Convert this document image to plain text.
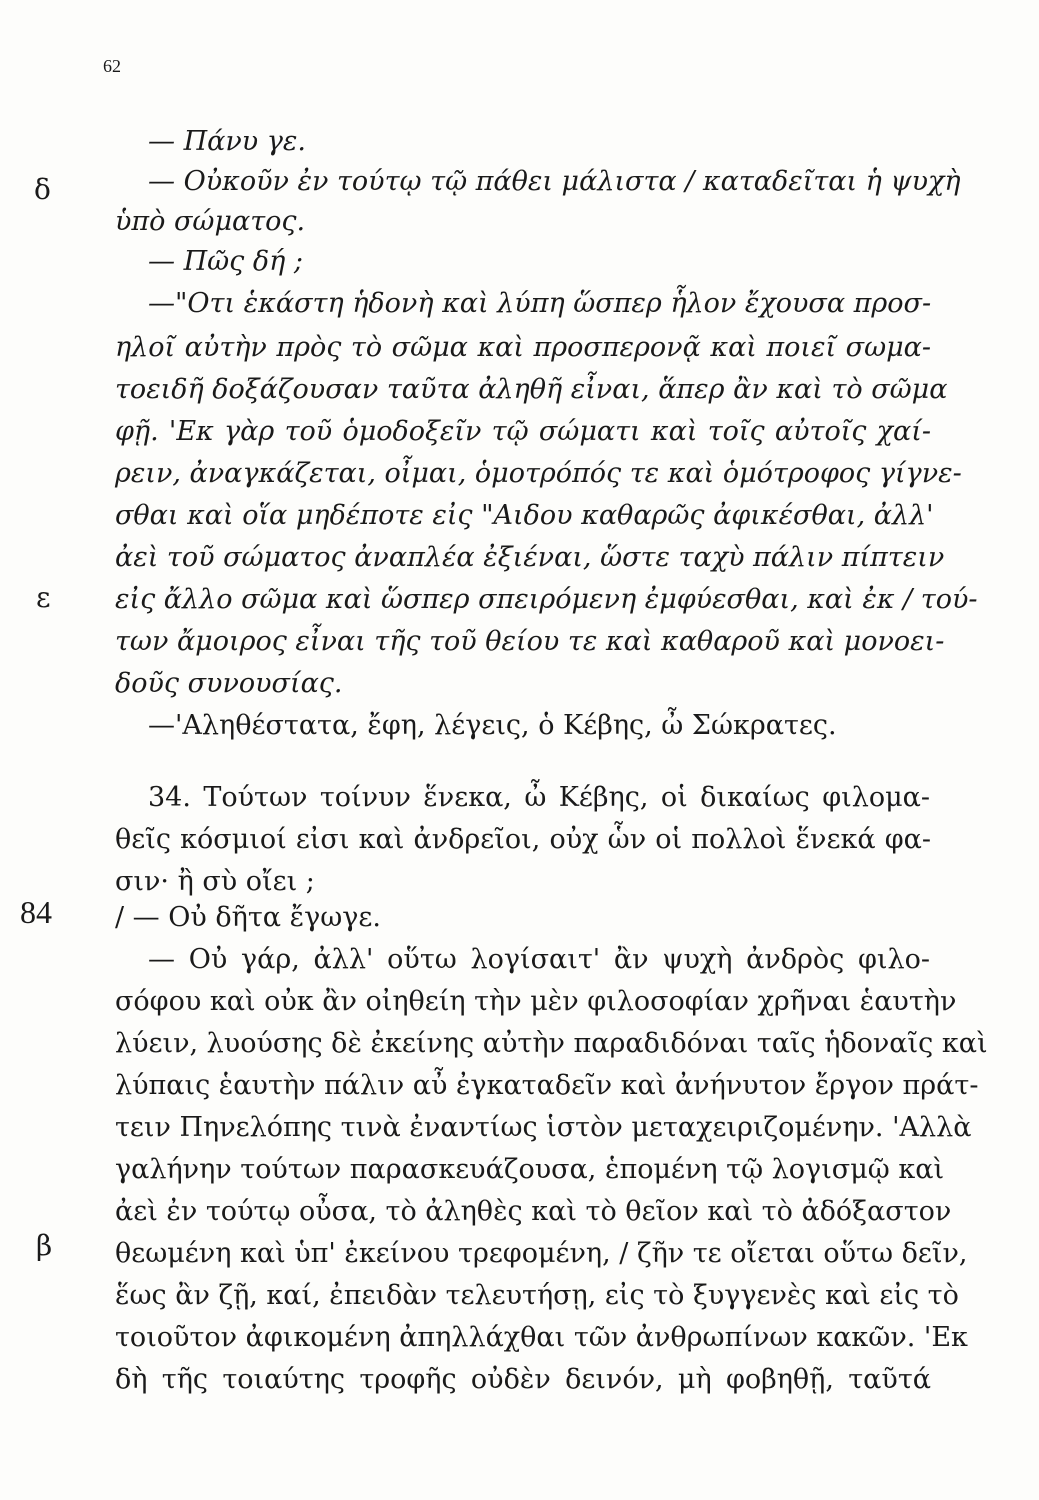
62
δ
ε
84
β
— Πάνυ γε.
— Οὐκοῦν ἐν τούτῳ τῷ πάθει μάλιστα / καταδεῖται ἡ ψυχὴ
ὑπὸ σώματος.
— Πῶς δή ;
—"Οτι ἑκάστη ἡδονὴ καὶ λύπη ὥσπερ ἧλον ἔχουσα προσ-
ηλοῖ αὐτὴν πρὸς τὸ σῶμα καὶ προσπερονᾷ καὶ ποιεῖ σωμα-
τοειδῆ δοξάζουσαν ταῦτα ἀληθῆ εἶναι, ἅπερ ἂν καὶ τὸ σῶμα
φῇ. 'Εκ γὰρ τοῦ ὁμοδοξεῖν τῷ σώματι καὶ τοῖς αὐτοῖς χαί-
ρειν, ἀναγκάζεται, οἶμαι, ὁμοτρόπός τε καὶ ὁμότροφος γίγνε-
σθαι καὶ οἵα μηδέποτε εἰς "Αιδου καθαρῶς ἀφικέσθαι, ἀλλ'
ἀεὶ τοῦ σώματος ἀναπλέα ἐξιέναι, ὥστε ταχὺ πάλιν πίπτειν
εἰς ἄλλο σῶμα καὶ ὥσπερ σπειρόμενη ἐμφύεσθαι, καὶ ἐκ / τού-
των ἄμοιρος εἶναι τῆς τοῦ θείου τε καὶ καθαροῦ καὶ μονοει-
δοῦς συνουσίας.
—'Αληθέστατα, ἔφη, λέγεις, ὁ Κέβης, ὦ Σώκρατες.
34. Τούτων τοίνυν ἕνεκα, ὦ Κέβης, οἱ δικαίως φιλομα-
θεῖς κόσμιοί εἰσι καὶ ἀνδρεῖοι, οὐχ ὧν οἱ πολλοὶ ἕνεκά φα-
σιν· ἢ σὺ οἴει ;
/ — Οὐ δῆτα ἔγωγε.
— Οὐ γάρ, ἀλλ' οὕτω λογίσαιτ' ἂν ψυχὴ ἀνδρὸς φιλο-
σόφου καὶ οὐκ ἂν οἰηθείη τὴν μὲν φιλοσοφίαν χρῆναι ἑαυτὴν
λύειν, λυούσης δὲ ἐκείνης αὐτὴν παραδιδόναι ταῖς ἡδοναῖς καὶ
λύπαις ἑαυτὴν πάλιν αὖ ἐγκαταδεῖν καὶ ἀνήνυτον ἔργον πράτ-
τειν Πηνελόπης τινὰ ἐναντίως ἱστὸν μεταχειριζομένην. 'Αλλὰ
γαλήνην τούτων παρασκευάζουσα, ἑπομένη τῷ λογισμῷ καὶ
ἀεὶ ἐν τούτῳ οὖσα, τὸ ἀληθὲς καὶ τὸ θεῖον καὶ τὸ ἀδόξαστον
θεωμένη καὶ ὑπ' ἐκείνου τρεφομένη, / ζῆν τε οἴεται οὕτω δεῖν,
ἕως ἂν ζῇ, καί, ἐπειδὰν τελευτήσῃ, εἰς τὸ ξυγγενὲς καὶ εἰς τὸ
τοιοῦτον ἀφικομένη ἀπηλλάχθαι τῶν ἀνθρωπίνων κακῶν. 'Εκ
δὴ τῆς τοιαύτης τροφῆς οὐδὲν δεινόν, μὴ φοβηθῇ, ταῦτά
